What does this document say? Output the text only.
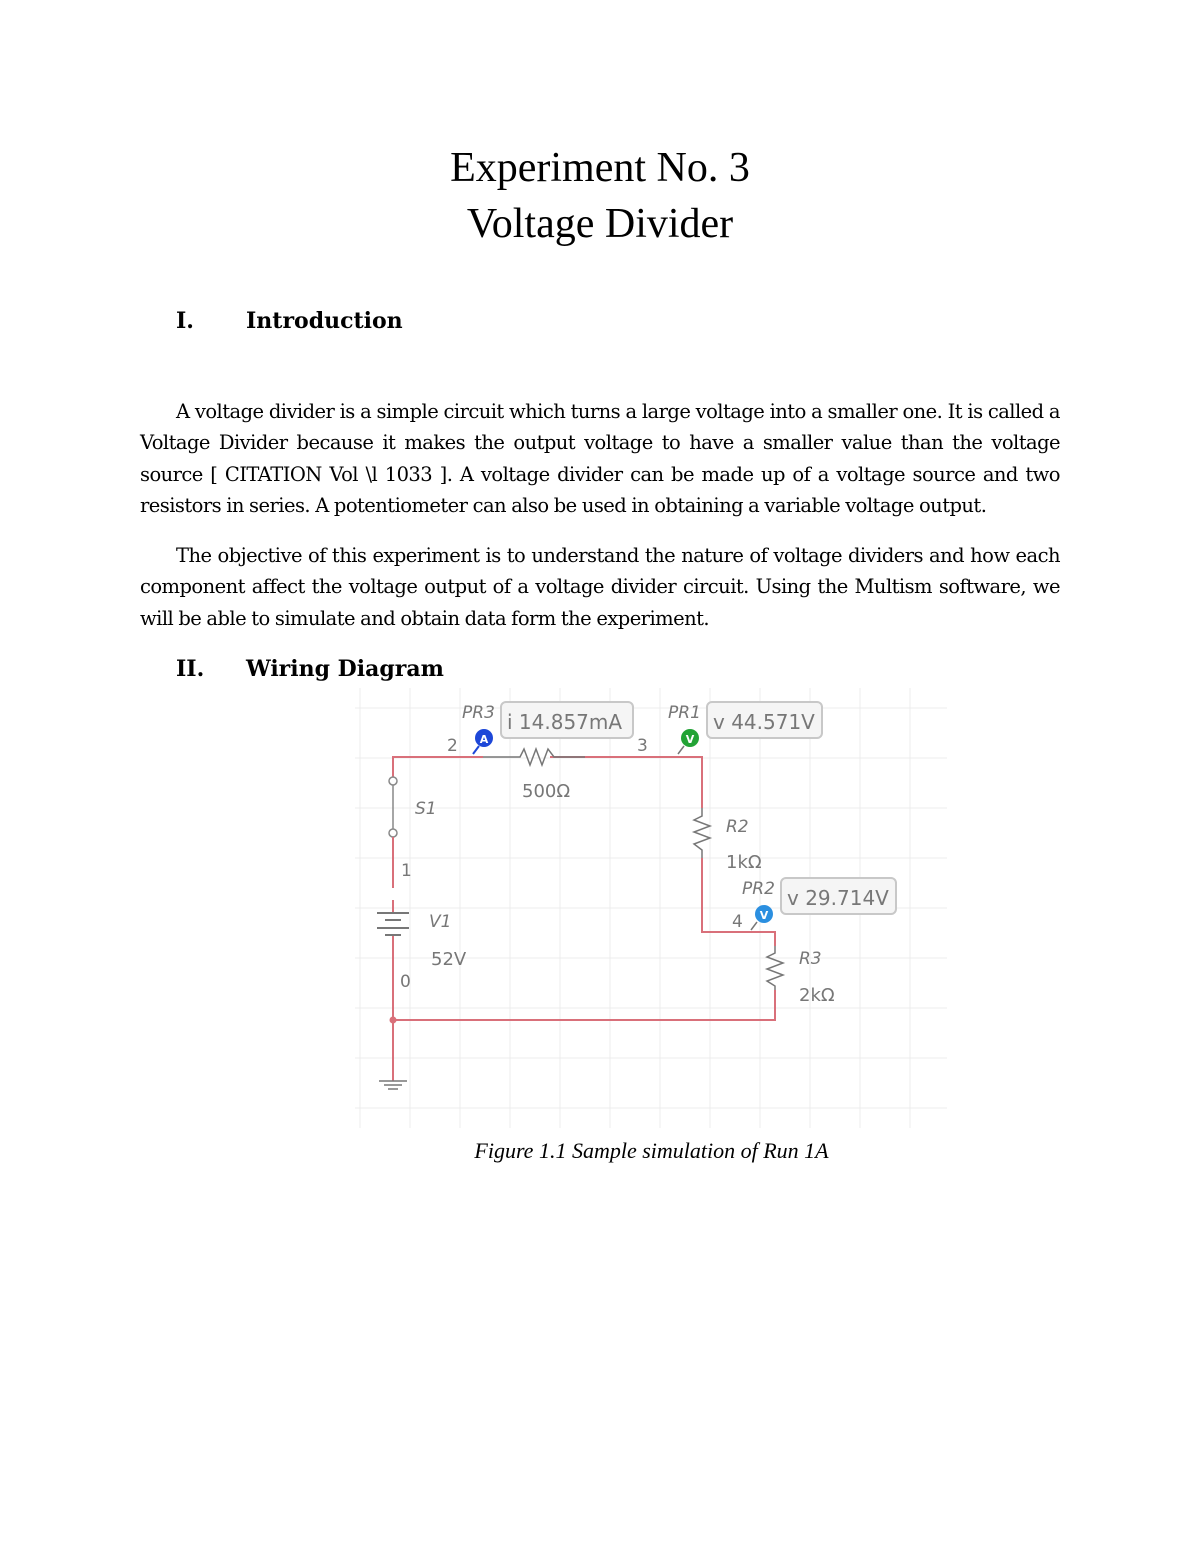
Experiment No. 3
Voltage Divider
I. Introduction
A voltage divider is a simple circuit which turns a large voltage into a smaller one. It is called a Voltage Divider because it makes the output voltage to have a smaller value than the voltage source [ CITATION Vol \l 1033 ]. A voltage divider can be made up of a voltage source and two resistors in series. A potentiometer can also be used in obtaining a variable voltage output.
The objective of this experiment is to understand the nature of voltage dividers and how each component affect the voltage output of a voltage divider circuit. Using the Multism software, we will be able to simulate and obtain data form the experiment.
II. Wiring Diagram
PR3 i 14.857mA
A
PR1 v 44.571V
V
PR2 v 29.714V
V
2	3
1
0
4
S1
V1
52V
500Ω
R2
1kΩ
R3
2kΩ
Figure 1.1 Sample simulation of Run 1A
